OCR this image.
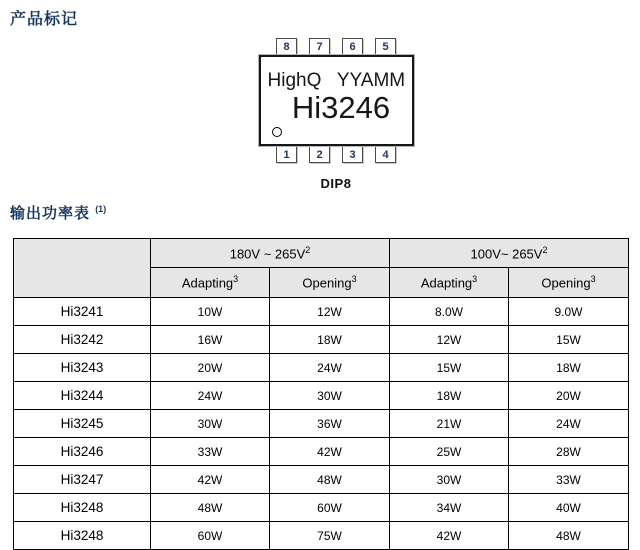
产品标记
8	7	6	5
HighQ   YYAMM
Hi3246
1	2	3	4
DIP8
输出功率表 $^{(1)}$
	180V ~ $265V^2$		100V~ $265V^2$
	Adapting$^3$	Opening$^3$	Adapting$^3$	Opening$^3$
Hi3241	10W	12W	8.0W	9.0W
Hi3242	16W	18W	12W	15W
Hi3243	20W	24W	15W	18W
Hi3244	24W	30W	18W	20W
Hi3245	30W	36W	21W	24W
Hi3246	33W	42W	25W	28W
Hi3247	42W	48W	30W	33W
Hi3248	48W	60W	34W	40W
Hi3248	60W	75W	42W	48W
